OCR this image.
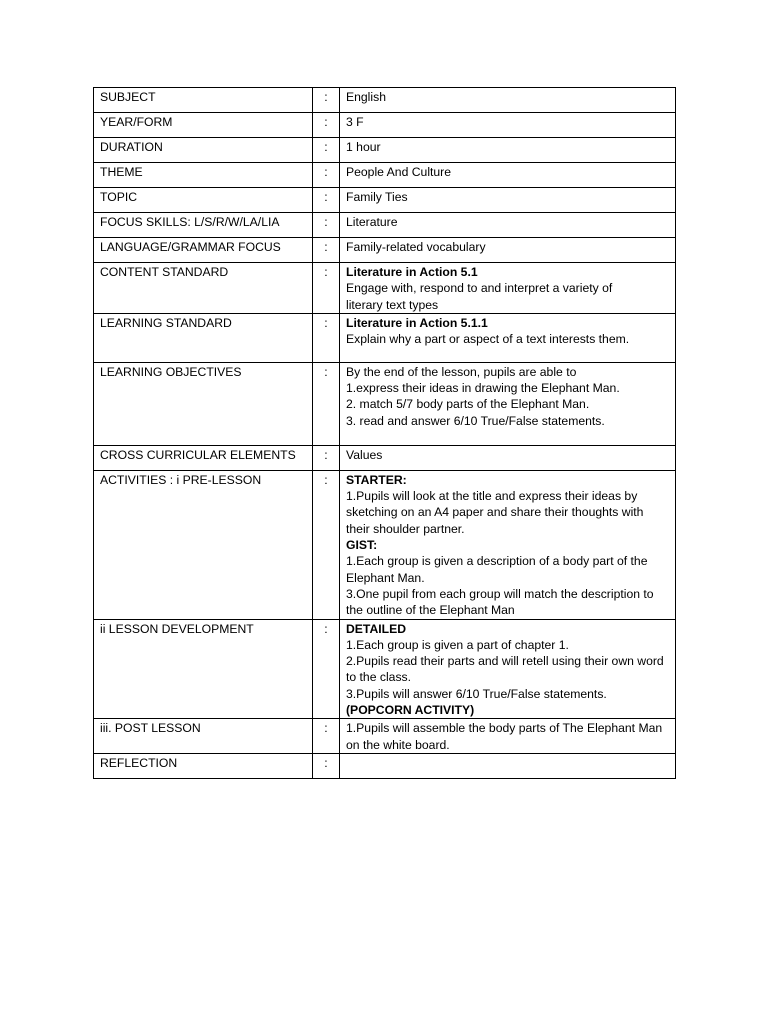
SUBJECT	:	English

YEAR/FORM	:	3 F

DURATION	:	1 hour

THEME	:	People And Culture

TOPIC	:	Family Ties

FOCUS SKILLS: L/S/R/W/LA/LIA	:	Literature

LANGUAGE/GRAMMAR FOCUS	:	Family-related vocabulary

CONTENT STANDARD	:	Literature in Action 5.1
Engage with, respond to and interpret a variety of
literary text types

LEARNING STANDARD	:	Literature in Action 5.1.1
Explain why a part or aspect of a text interests them.

LEARNING OBJECTIVES	:	By the end of the lesson, pupils are able to
1.express their ideas in drawing the Elephant Man.
2. match 5/7 body parts of the Elephant Man.
3. read and answer 6/10 True/False statements.

CROSS CURRICULAR ELEMENTS	:	Values

ACTIVITIES : i PRE-LESSON	:	STARTER:
1.Pupils will look at the title and express their ideas by sketching on an A4 paper and share their thoughts with their shoulder partner.
GIST:
1.Each group is given a description of a body part of the Elephant Man.
3.One pupil from each group will match the description to the outline of the Elephant Man

ii LESSON DEVELOPMENT	:	DETAILED
1.Each group is given a part of chapter 1.
2.Pupils read their parts and will retell using their own word to the class.
3.Pupils will answer 6/10 True/False statements.
(POPCORN ACTIVITY)

iii. POST LESSON	:	1.Pupils will assemble the body parts of The Elephant Man on the white board.

REFLECTION	:	
